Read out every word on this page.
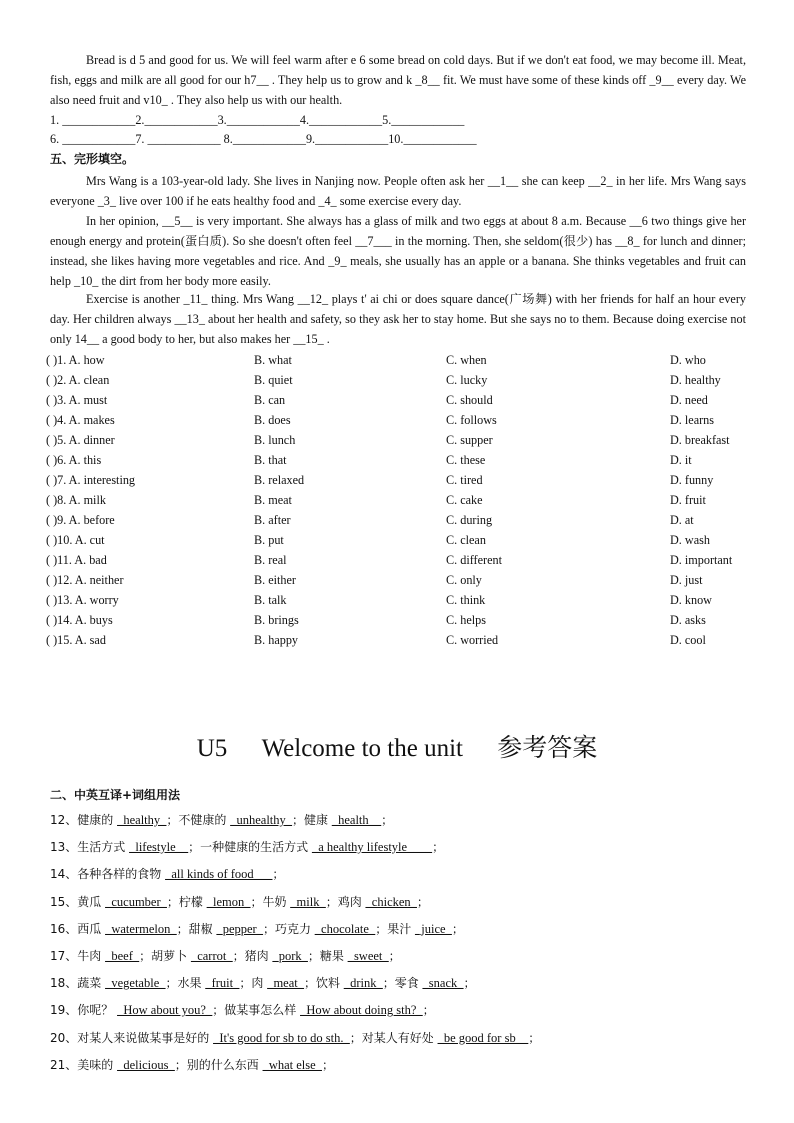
Bread is d 5 and good for us. We will feel warm after e 6 some bread on cold days. But if we don't eat food, we may become ill. Meat, fish, eggs and milk are all good for our h7__ . They help us to grow and k _8__ fit. We must have some of these kinds off _9__ every day. We also need fruit and v10_ . They also help us with our health.
1. ____________2.____________3.____________4.____________5.____________
6. ____________7. ____________ 8.____________9.____________10.____________
五、完形填空。
Mrs Wang is a 103-year-old lady. She lives in Nanjing now. People often ask her __1__ she can keep __2_ in her life. Mrs Wang says everyone _3_ live over 100 if he eats healthy food and _4_ some exercise every day.
In her opinion, __5__ is very important. She always has a glass of milk and two eggs at about 8 a.m. Because __6 two things give her enough energy and protein(蛋白质). So she doesn't often feel __7___ in the morning. Then, she seldom(很少) has __8_ for lunch and dinner; instead, she likes having more vegetables and rice. And _9_ meals, she usually has an apple or a banana. She thinks vegetables and fruit can help _10_ the dirt from her body more easily.
Exercise is another _11_ thing. Mrs Wang __12_ plays t' ai chi or does square dance(广场舞) with her friends for half an hour every day. Her children always __13_ about her health and safety, so they ask her to stay home. But she says no to them. Because doing exercise not only 14__ a good body to her, but also makes her __15_ .
( )1. A. how	B. what	C. when	D. who
( )2. A. clean	B. quiet	C. lucky	D. healthy
( )3. A. must	B. can	C. should	D. need
( )4. A. makes	B. does	C. follows	D. learns
( )5. A. dinner	B. lunch	C. supper	D. breakfast
( )6. A. this	B. that	C. these	D. it
( )7. A. interesting	B. relaxed	C. tired	D. funny
( )8. A. milk	B. meat	C. cake	D. fruit
( )9. A. before	B. after	C. during	D. at
( )10. A. cut	B. put	C. clean	D. wash
( )11. A. bad	B. real	C. different	D. important
( )12. A. neither	B. either	C. only	D. just
( )13. A. worry	B. talk	C. think	D. know
( )14. A. buys	B. brings	C. helps	D. asks
( )15. A. sad	B. happy	C. worried	D. cool
U5 Welcome to the unit 参考答案
二、中英互译+词组用法
12、健康的 _healthy_；不健康的 _unhealthy_；健康 _health__；
13、生活方式 _lifestyle__；一种健康的生活方式 _a healthy lifestyle____；
14、各种各样的食物 _all kinds of food___；
15、黄瓜 _cucumber_；柠檬 _lemon_；牛奶 _milk_；鸡肉 _chicken_；
16、西瓜 _watermelon_；甜椒 _pepper_；巧克力 _chocolate_；果汁 _juice_；
17、牛肉 _beef_；胡萝卜 _carrot_；猪肉 _pork_；糖果 _sweet_；
18、蔬菜 _vegetable_；水果 _fruit_；肉 _meat_；饮料 _drink_；零食 _snack_；
19、你呢？ _How about you?_；做某事怎么样 _How about doing sth?_；
20、对某人来说做某事是好的 _It's good for sb to do sth._；对某人有好处 _be good for sb__；
21、美味的 _delicious_；别的什么东西 _what else_；
